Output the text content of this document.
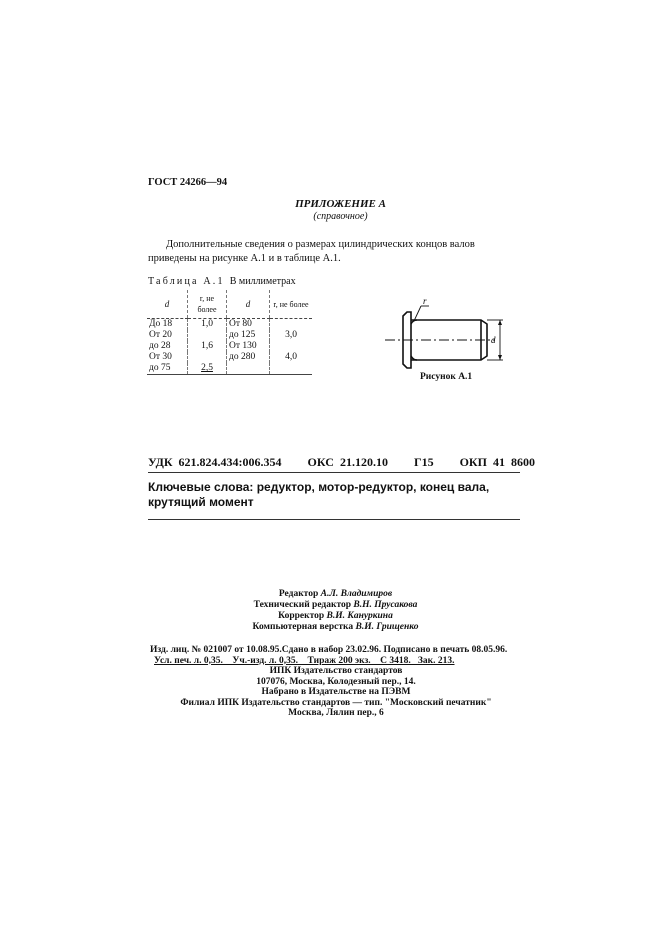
ГОСТ 24266—94
ПРИЛОЖЕНИЕ А
(справочное)
Дополнительные сведения о размерах цилиндрических концов валов приведены на рисунке А.1 и в таблице А.1.
Таблица А.1 В миллиметрах
d	r, не более	d	r, не более
До 18	1,0	От 80	
От 20		до 125	3,0
до 28	1,6	От 130	
От 30		до 280	4,0
до 75	2,5		
r
d
Рисунок А.1
УДК 621.824.434:006.354 ОКС 21.120.10 Г15 ОКП 41 8600
Ключевые слова: редуктор, мотор-редуктор, конец вала, крутящий момент
Редактор А.Л. Владимиров
Технический редактор В.Н. Прусакова
Корректор В.И. Кануркина
Компьютерная верстка В.И. Грищенко
Изд. лиц. № 021007 от 10.08.95.Сдано в набор 23.02.96. Подписано в печать 08.05.96.
Усл. печ. л. 0,35.    Уч.-изд. л. 0,35.    Тираж 200 экз.    С 3418.   Зак. 213.
ИПК Издательство стандартов
107076, Москва, Колодезный пер., 14.
Набрано в Издательстве на ПЭВМ
Филиал ИПК Издательство стандартов — тип. "Московский печатник"
Москва, Лялин пер., 6
